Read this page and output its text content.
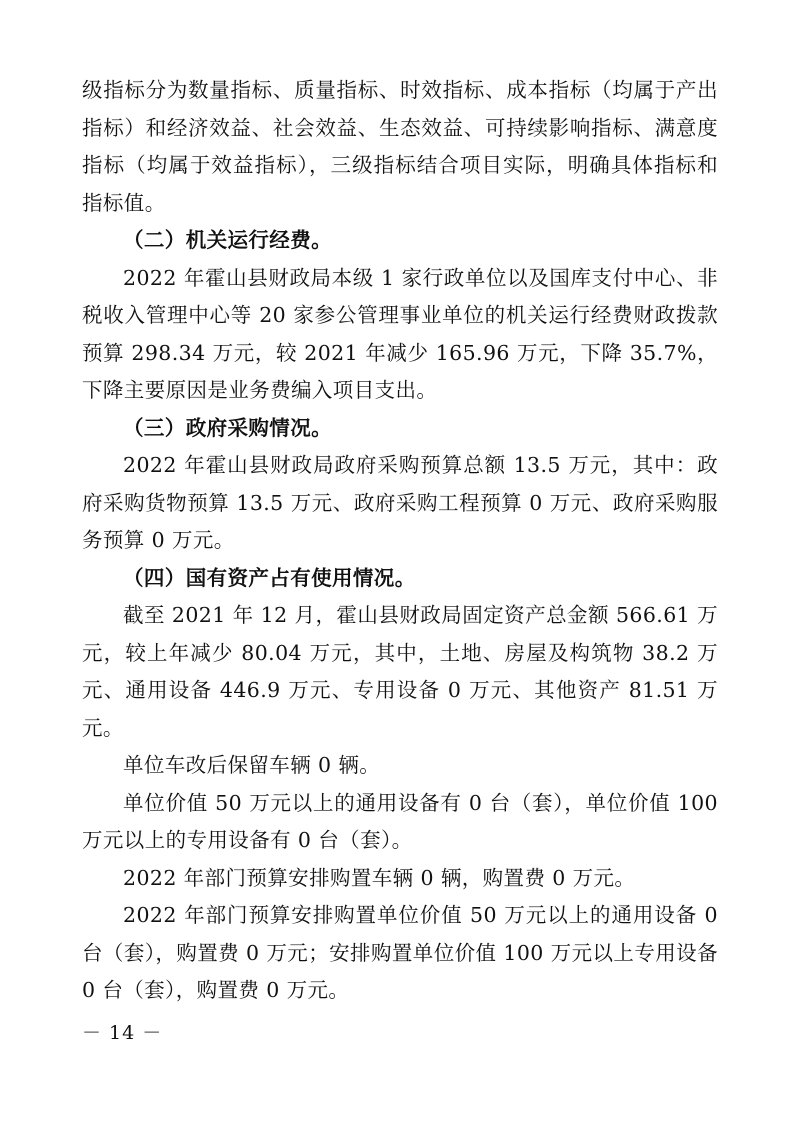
级指标分为数量指标、质量指标、时效指标、成本指标（均属于产出指标）和经济效益、社会效益、生态效益、可持续影响指标、满意度指标（均属于效益指标），三级指标结合项目实际，明确具体指标和指标值。

（二）机关运行经费。

2022 年霍山县财政局本级 1 家行政单位以及国库支付中心、非税收入管理中心等 20 家参公管理事业单位的机关运行经费财政拨款预算 298.34 万元，较 2021 年减少 165.96 万元，下降 35.7%，下降主要原因是业务费编入项目支出。

（三）政府采购情况。

2022 年霍山县财政局政府采购预算总额 13.5 万元，其中：政府采购货物预算 13.5 万元、政府采购工程预算 0 万元、政府采购服务预算 0 万元。

（四）国有资产占有使用情况。

截至 2021 年 12 月，霍山县财政局固定资产总金额 566.61 万元，较上年减少 80.04 万元，其中，土地、房屋及构筑物 38.2 万元、通用设备 446.9 万元、专用设备 0 万元、其他资产 81.51 万元。

单位车改后保留车辆 0 辆。

单位价值 50 万元以上的通用设备有 0 台（套），单位价值 100 万元以上的专用设备有 0 台（套）。

2022 年部门预算安排购置车辆 0 辆，购置费 0 万元。

2022 年部门预算安排购置单位价值 50 万元以上的通用设备 0 台（套），购置费 0 万元；安排购置单位价值 100 万元以上专用设备 0 台（套），购置费 0 万元。

－ 14 －
